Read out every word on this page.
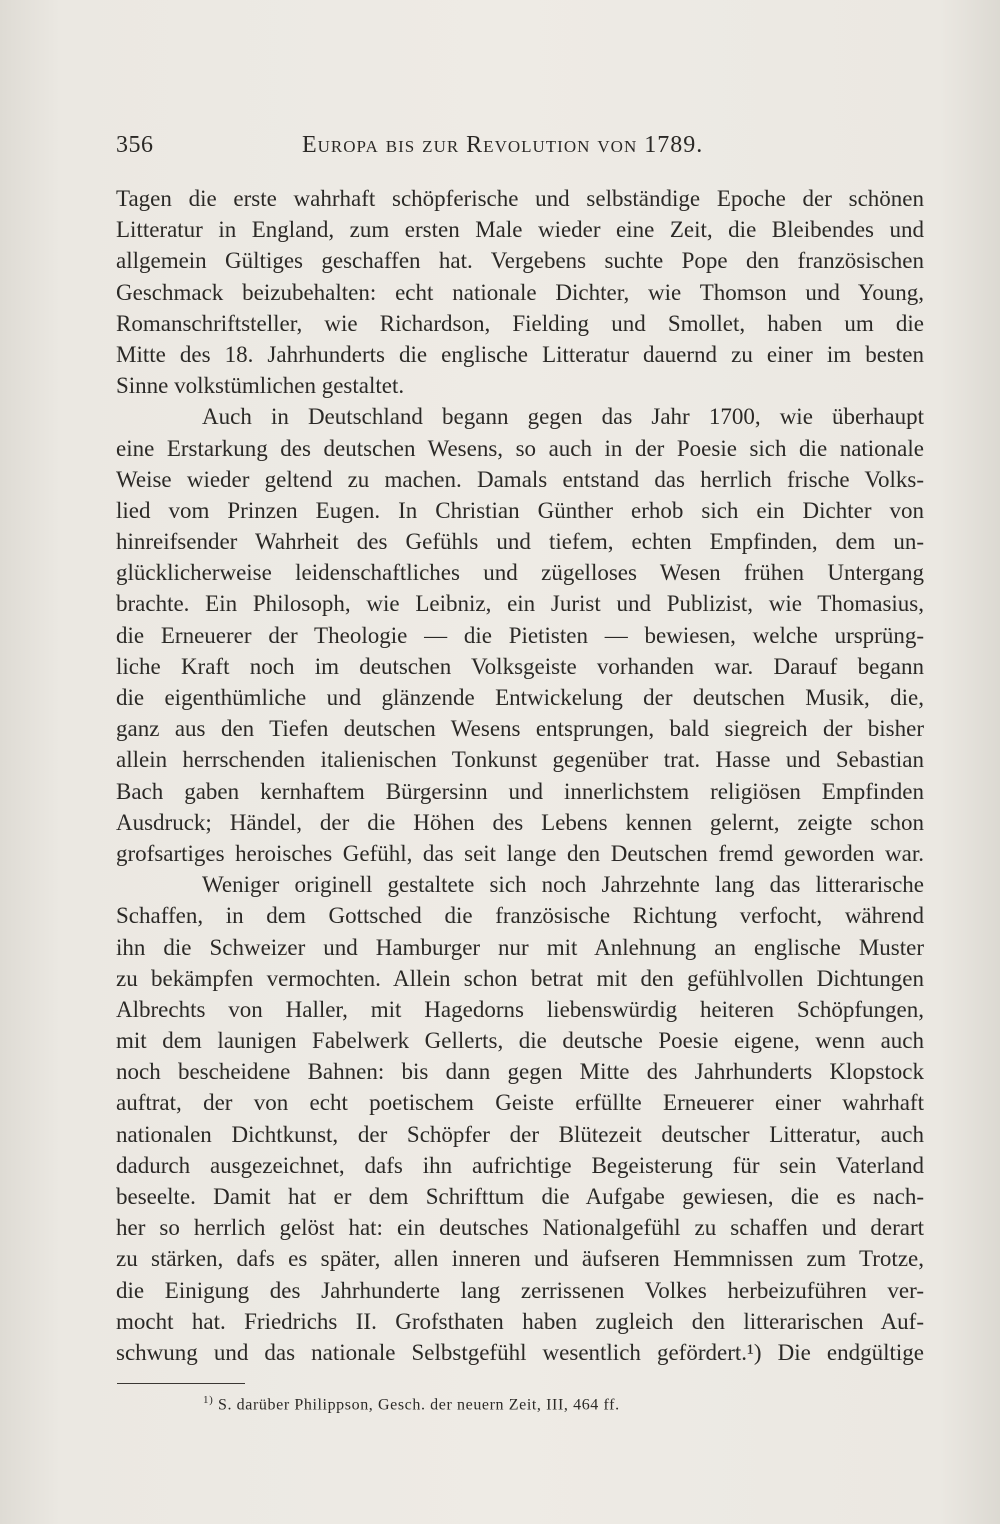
356	Europa bis zur Revolution von 1789.
Tagen die erste wahrhaft schöpferische und selbständige Epoche der schönen
Litteratur in England, zum ersten Male wieder eine Zeit, die Bleibendes und
allgemein Gültiges geschaffen hat. Vergebens suchte Pope den französischen
Geschmack beizubehalten: echt nationale Dichter, wie Thomson und Young,
Romanschriftsteller, wie Richardson, Fielding und Smollet, haben um die
Mitte des 18. Jahrhunderts die englische Litteratur dauernd zu einer im besten
Sinne volkstümlichen gestaltet.
Auch in Deutschland begann gegen das Jahr 1700, wie überhaupt
eine Erstarkung des deutschen Wesens, so auch in der Poesie sich die nationale
Weise wieder geltend zu machen. Damals entstand das herrlich frische Volks-
lied vom Prinzen Eugen. In Christian Günther erhob sich ein Dichter von
hinreifsender Wahrheit des Gefühls und tiefem, echten Empfinden, dem un-
glücklicherweise leidenschaftliches und zügelloses Wesen frühen Untergang
brachte. Ein Philosoph, wie Leibniz, ein Jurist und Publizist, wie Thomasius,
die Erneuerer der Theologie — die Pietisten — bewiesen, welche ursprüng-
liche Kraft noch im deutschen Volksgeiste vorhanden war. Darauf begann
die eigenthümliche und glänzende Entwickelung der deutschen Musik, die,
ganz aus den Tiefen deutschen Wesens entsprungen, bald siegreich der bisher
allein herrschenden italienischen Tonkunst gegenüber trat. Hasse und Sebastian
Bach gaben kernhaftem Bürgersinn und innerlichstem religiösen Empfinden
Ausdruck; Händel, der die Höhen des Lebens kennen gelernt, zeigte schon
grofsartiges heroisches Gefühl, das seit lange den Deutschen fremd geworden war.
Weniger originell gestaltete sich noch Jahrzehnte lang das litterarische
Schaffen, in dem Gottsched die französische Richtung verfocht, während
ihn die Schweizer und Hamburger nur mit Anlehnung an englische Muster
zu bekämpfen vermochten. Allein schon betrat mit den gefühlvollen Dichtungen
Albrechts von Haller, mit Hagedorns liebenswürdig heiteren Schöpfungen,
mit dem launigen Fabelwerk Gellerts, die deutsche Poesie eigene, wenn auch
noch bescheidene Bahnen: bis dann gegen Mitte des Jahrhunderts Klopstock
auftrat, der von echt poetischem Geiste erfüllte Erneuerer einer wahrhaft
nationalen Dichtkunst, der Schöpfer der Blütezeit deutscher Litteratur, auch
dadurch ausgezeichnet, dafs ihn aufrichtige Begeisterung für sein Vaterland
beseelte. Damit hat er dem Schrifttum die Aufgabe gewiesen, die es nach-
her so herrlich gelöst hat: ein deutsches Nationalgefühl zu schaffen und derart
zu stärken, dafs es später, allen inneren und äufseren Hemmnissen zum Trotze,
die Einigung des Jahrhunderte lang zerrissenen Volkes herbeizuführen ver-
mocht hat. Friedrichs II. Grofsthaten haben zugleich den litterarischen Auf-
schwung und das nationale Selbstgefühl wesentlich gefördert.¹) Die endgültige
$^{1)}$ S. darüber Philippson, Gesch. der neuern Zeit, III, 464 ff.
